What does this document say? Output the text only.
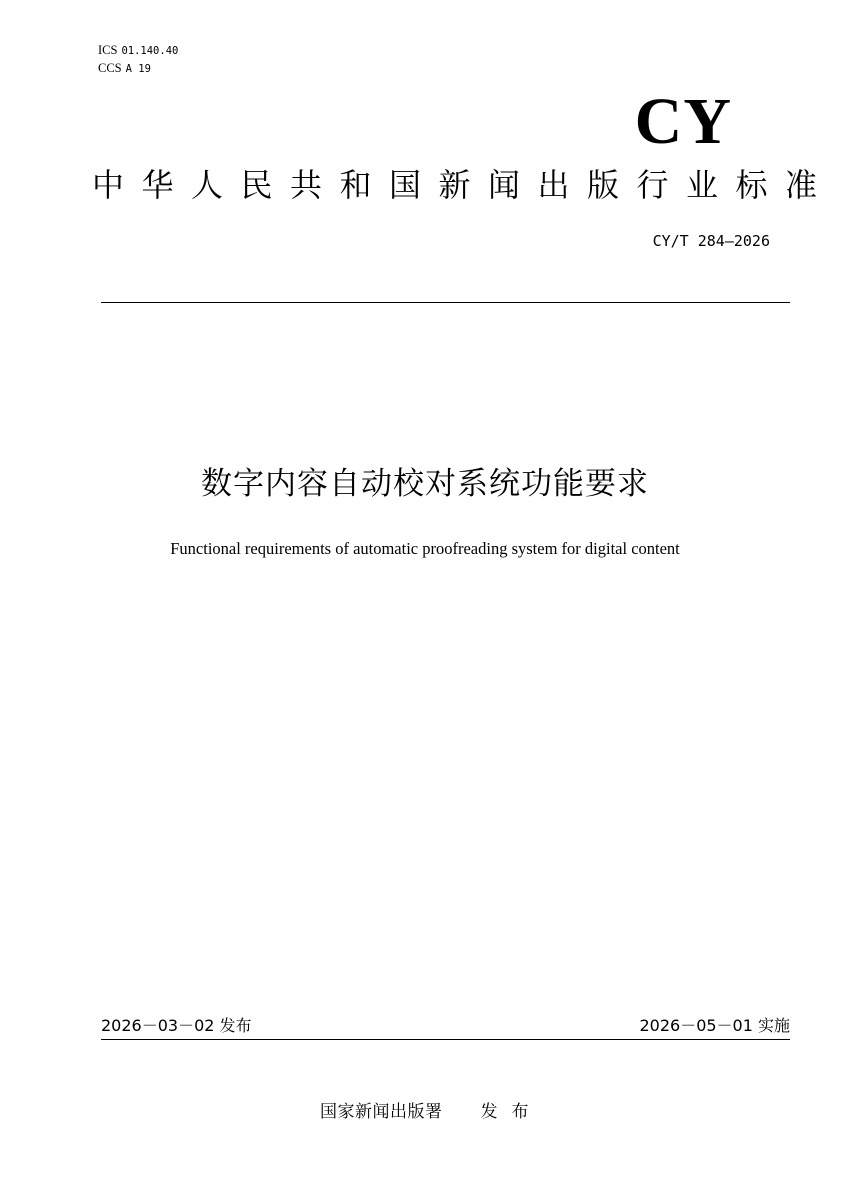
ICS 01.140.40
CCS A 19
CY
中华人民共和国新闻出版行业标准
CY/T 284—2026
数字内容自动校对系统功能要求
Functional requirements of automatic proofreading system for digital content
2026－03－02 发布	2026－05－01 实施
国家新闻出版署 发布
